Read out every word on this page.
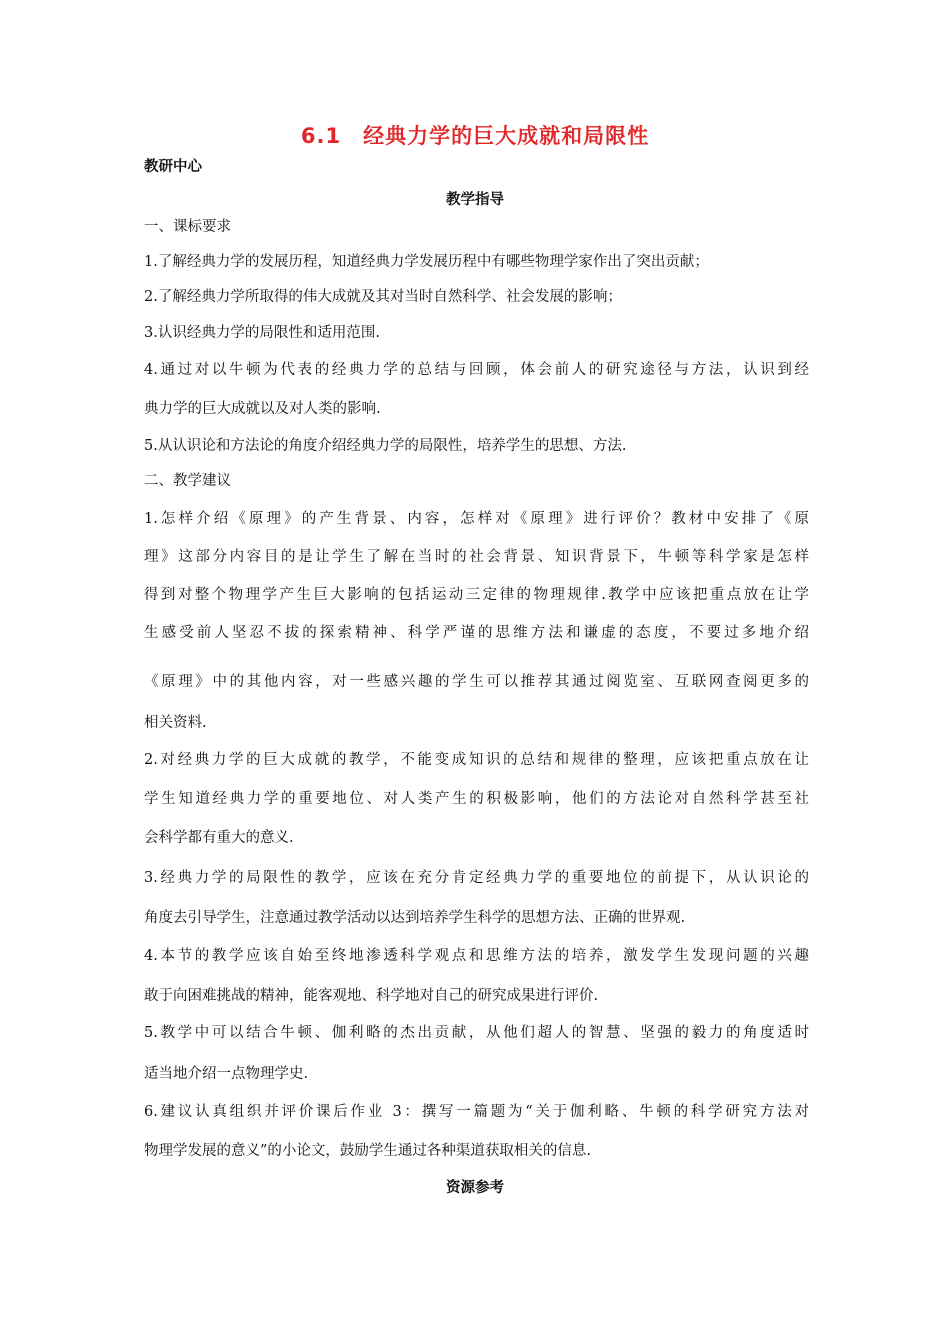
6.1　经典力学的巨大成就和局限性
教研中心
教学指导
一、课标要求
1.了解经典力学的发展历程，知道经典力学发展历程中有哪些物理学家作出了突出贡献；
2.了解经典力学所取得的伟大成就及其对当时自然科学、社会发展的影响；
3.认识经典力学的局限性和适用范围.
4.通过对以牛顿为代表的经典力学的总结与回顾，体会前人的研究途径与方法，认识到经
典力学的巨大成就以及对人类的影响.
5.从认识论和方法论的角度介绍经典力学的局限性，培养学生的思想、方法.
二、教学建议
1.怎样介绍《原理》的产生背景、内容，怎样对《原理》进行评价？教材中安排了《原
理》这部分内容目的是让学生了解在当时的社会背景、知识背景下，牛顿等科学家是怎样
得到对整个物理学产生巨大影响的包括运动三定律的物理规律.教学中应该把重点放在让学
生感受前人坚忍不拔的探索精神、科学严谨的思维方法和谦虚的态度，不要过多地介绍
《原理》中的其他内容，对一些感兴趣的学生可以推荐其通过阅览室、互联网查阅更多的
相关资料.
2.对经典力学的巨大成就的教学，不能变成知识的总结和规律的整理，应该把重点放在让
学生知道经典力学的重要地位、对人类产生的积极影响，他们的方法论对自然科学甚至社
会科学都有重大的意义.
3.经典力学的局限性的教学，应该在充分肯定经典力学的重要地位的前提下，从认识论的
角度去引导学生，注意通过教学活动以达到培养学生科学的思想方法、正确的世界观.
4.本节的教学应该自始至终地渗透科学观点和思维方法的培养，激发学生发现问题的兴趣
敢于向困难挑战的精神，能客观地、科学地对自己的研究成果进行评价.
5.教学中可以结合牛顿、伽利略的杰出贡献，从他们超人的智慧、坚强的毅力的角度适时
适当地介绍一点物理学史.
6.建议认真组织并评价课后作业 3：撰写一篇题为“关于伽利略、牛顿的科学研究方法对
物理学发展的意义”的小论文，鼓励学生通过各种渠道获取相关的信息.
资源参考
